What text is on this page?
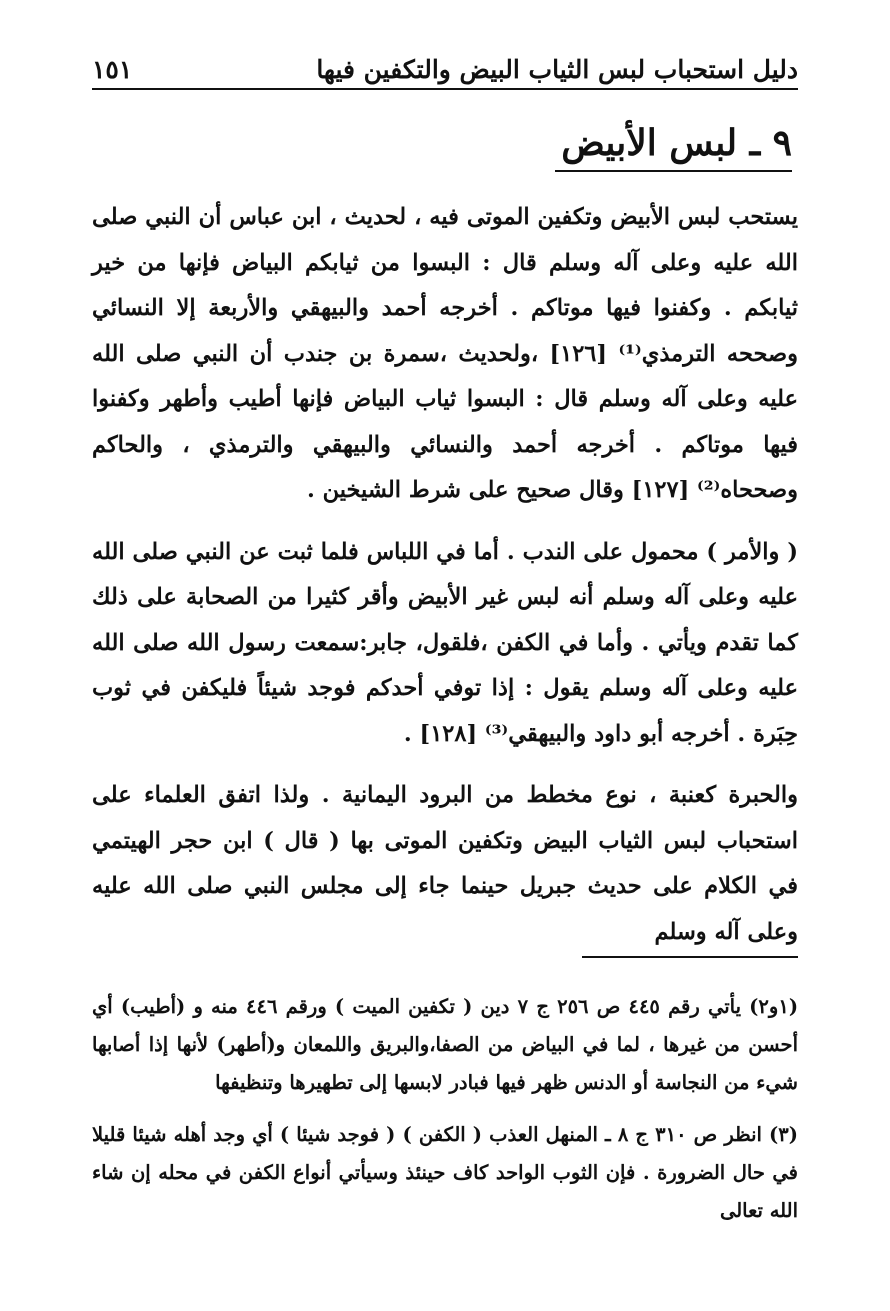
دليل استحباب لبس الثياب البيض والتكفين فيها
١٥١
٩ ـ لبس الأبيض

يستحب لبس الأبيض وتكفين الموتى فيه ، لحديث ، ابن عباس أن النبي صلى الله عليه وعلى آله وسلم قال : البسوا من ثيابكم البياض فإنها من خير ثيابكم . وكفنوا فيها موتاكم . أخرجه أحمد والبيهقي والأربعة إلا النسائي وصححه الترمذي⁽¹⁾ [١٢٦] ،ولحديث ،سمرة بن جندب أن النبي صلى الله عليه وعلى آله وسلم قال : البسوا ثياب البياض فإنها أطيب وأطهر وكفنوا فيها موتاكم . أخرجه أحمد والنسائي والبيهقي والترمذي ، والحاكم وصححاه⁽²⁾ [١٢٧] وقال صحيح على شرط الشيخين .

( والأمر ) محمول على الندب . أما في اللباس فلما ثبت عن النبي صلى الله عليه وعلى آله وسلم أنه لبس غير الأبيض وأقر كثيرا من الصحابة على ذلك كما تقدم ويأتي . وأما في الكفن ،فلقول، جابر:سمعت رسول الله صلى الله عليه وعلى آله وسلم يقول : إذا توفي أحدكم فوجد شيئاً فليكفن في ثوب حِبَرة . أخرجه أبو داود والبيهقي⁽³⁾ [١٢٨] .

والحبرة كعنبة ، نوع مخطط من البرود اليمانية . ولذا اتفق العلماء على استحباب لبس الثياب البيض وتكفين الموتى بها ( قال ) ابن حجر الهيتمي في الكلام على حديث جبريل حينما جاء إلى مجلس النبي صلى الله عليه وعلى آله وسلم

(١و٢) يأتي رقم ٤٤٥ ص ٢٥٦ ج ٧ دين ( تكفين الميت ) ورقم ٤٤٦ منه و (أطيب) أي أحسن من غيرها ، لما في البياض من الصفا،والبريق واللمعان و(أطهر) لأنها إذا أصابها شيء من النجاسة أو الدنس ظهر فيها فبادر لابسها إلى تطهيرها وتنظيفها

(٣) انظر ص ٣١٠ ج ٨ ـ المنهل العذب ( الكفن ) ( فوجد شيئا ) أي وجد أهله شيئا قليلا في حال الضرورة . فإن الثوب الواحد كاف حينئذ وسيأتي أنواع الكفن في محله إن شاء الله تعالى
